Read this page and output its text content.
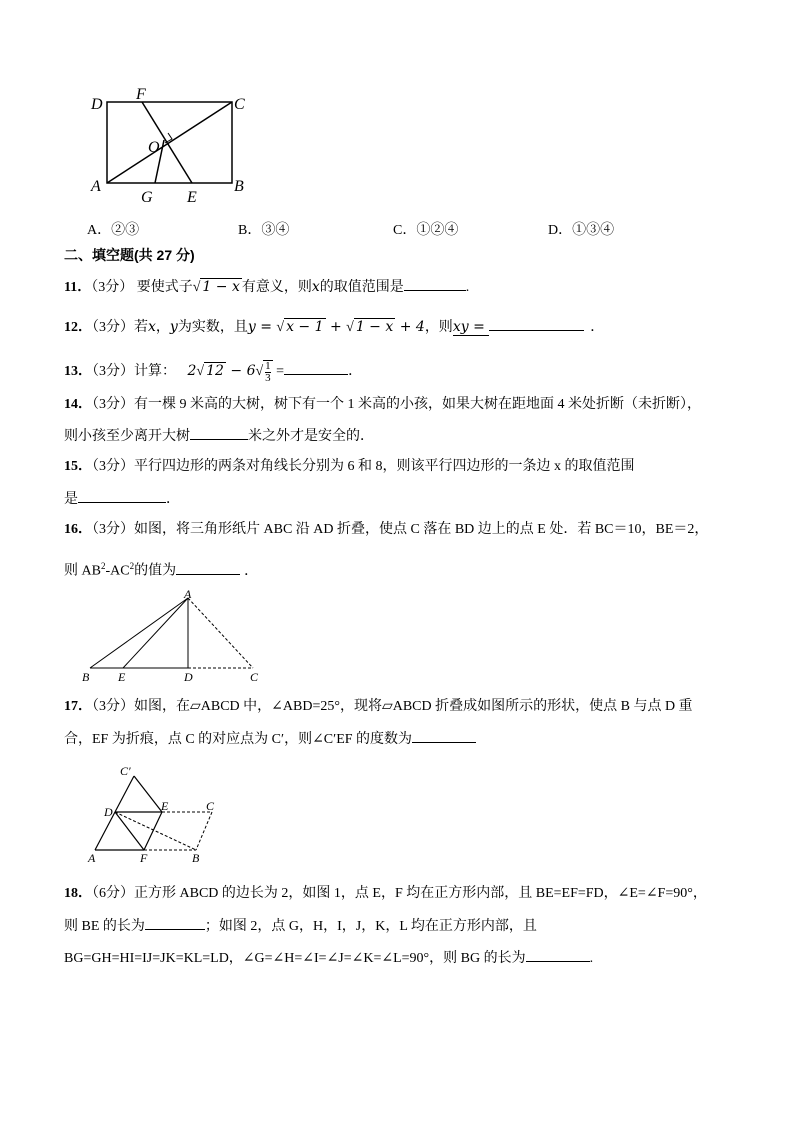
D
F
C
O
A
G E
B
A．②③	B．③④	C．①②④	D．①③④
二、填空题(共 27 分)
11．（3分） 要使式子√ 1 − x 有意义，则x的取值范围是	.
12．（3分）若x，y为实数，且y = √ x − 1 + √ 1 − x + 4，则xy =	．
13．（3分）计算： 2√ $12 - 6√ \frac{1}{3}$ =	．
14．（3分）有一棵 9 米高的大树，树下有一个 1 米高的小孩，如果大树在距地面 4 米处折断（未折断），
则小孩至少离开大树	米之外才是安全的．
15．（3分）平行四边形的两条对角线长分别为 6 和 8，则该平行四边形的一条边 x 的取值范围
是	．
16．（3分）如图，将三角形纸片 ABC 沿 AD 折叠，使点 C 落在 BD 边上的点 E 处．若 BC＝10，BE＝2，
则 $AB^2-AC^2$的值为	．
A
B E	D	C
17．（3分）如图，在▱ABCD 中，∠ABD=25°，现将▱ABCD 折叠成如图所示的形状，使点 B 与点 D 重
合，EF 为折痕，点 C 的对应点为 C′，则∠C′EF 的度数为
C′
D	E	C
A	F	B
18．（6分）正方形 ABCD 的边长为 2，如图 1，点 E，F 均在正方形内部，且 BE=EF=FD，∠E=∠F=90°，
则 BE 的长为	；如图 2，点 G，H，I，J，K，L 均在正方形内部，且
BG=GH=HI=IJ=JK=KL=LD，∠G=∠H=∠I=∠J=∠K=∠L=90°，则 BG 的长为	.
